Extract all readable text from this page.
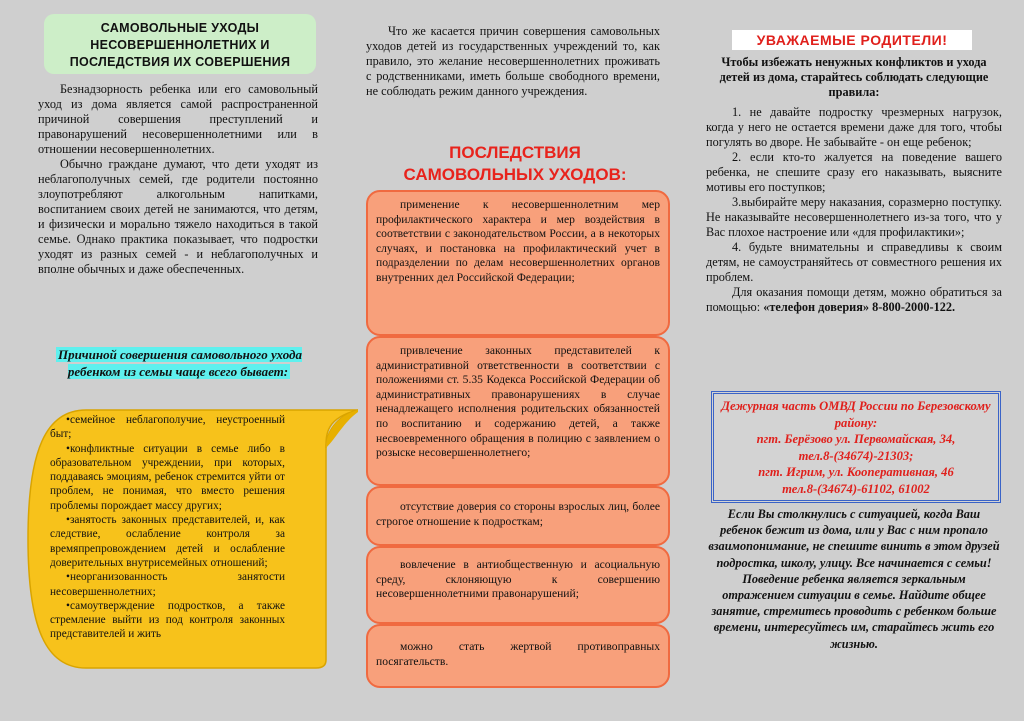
САМОВОЛЬНЫЕ УХОДЫ НЕСОВЕРШЕННОЛЕТНИХ И ПОСЛЕДСТВИЯ ИХ СОВЕРШЕНИЯ

Безнадзорность ребенка или его самовольный уход из дома является самой распространенной причиной совершения преступлений и правонарушений несовершеннолетними или в отношении несовершеннолетних.

Обычно граждане думают, что дети уходят из неблагополучных семей, где родители постоянно злоупотребляют алкогольным напитками, воспитанием своих детей не занимаются, что детям, и физически и морально тяжело находиться в такой семье. Однако практика показывает, что подростки уходят из разных семей - и неблагополучных и вполне обычных и даже обеспеченных.

Причиной совершения самовольного ухода ребенком из семьи чаще всего бывает:

•семейное неблагополучие, неустроенный быт;

•конфликтные ситуации в семье либо в образовательном учреждении, при которых, поддаваясь эмоциям, ребенок стремится уйти от проблем, не понимая, что вместо решения проблемы порождает массу других;

•занятость законных представителей, и, как следствие, ослабление контроля за времяпрепровождением детей и ослабление доверительных внутрисемейных отношений;

•неорганизованность занятости несовершеннолетних;

•самоутверждение подростков, а также стремление выйти из под контроля законных представителей и жить

Что же касается причин совершения самовольных уходов детей из государственных учреждений то, как правило, это желание несовершеннолетних проживать с родственниками, иметь больше свободного времени, не соблюдать режим данного учреждения.

ПОСЛЕДСТВИЯ САМОВОЛЬНЫХ УХОДОВ:

применение к несовершеннолетним мер профилактического характера и мер воздействия в соответствии с законодательством России, а в некоторых случаях, и постановка на профилактический учет в подразделении по делам несовершеннолетних органов внутренних дел Российской Федерации;

привлечение законных представителей к административной ответственности в соответствии с положениями ст. 5.35 Кодекса Российской Федерации об административных правонарушениях в случае ненадлежащего исполнения родительских обязанностей по воспитанию и содержанию детей, а также несвоевременного обращения в полицию с заявлением о розыске несовершеннолетнего;

отсутствие доверия со стороны взрослых лиц, более строгое отношение к подросткам;

вовлечение в антиобщественную и асоциальную среду, склоняющую к совершению несовершеннолетними правонарушений;

можно стать жертвой противоправных посягательств.

УВАЖАЕМЫЕ РОДИТЕЛИ!
Чтобы избежать ненужных конфликтов и ухода детей из дома, старайтесь соблюдать следующие правила:

1. не давайте подростку чрезмерных нагрузок, когда у него не остается времени даже для того, чтобы погулять во дворе. Не забывайте - он еще ребенок;

2. если кто-то жалуется на поведение вашего ребенка, не спешите сразу его наказывать, выясните мотивы его поступков;

3.выбирайте меру наказания, соразмерно поступку. Не наказывайте несовершеннолетнего из-за того, что у Вас плохое настроение или «для профилактики»;

4. будьте внимательны и справедливы к своим детям, не самоустраняйтесь от совместного решения их проблем.

Для оказания помощи детям, можно обратиться за помощью: «телефон доверия» 8-800-2000-122.

Дежурная часть ОМВД России по Березовскому району:
пгт. Берёзово ул. Первомайская, 34,
тел.8-(34674)-21303;
пгт. Игрим, ул. Кооперативная, 46
тел.8-(34674)-61102, 61002
Если Вы столкнулись с ситуацией, когда Ваш ребенок бежит из дома, или у Вас с ним пропало взаимопонимание, не спешите винить в этом друзей подростка, школу, улицу. Все начинается с семьи! Поведение ребенка является зеркальным отражением ситуации в семье. Найдите общее занятие, стремитесь проводить с ребенком больше времени, интересуйтесь им, старайтесь жить его жизнью.
